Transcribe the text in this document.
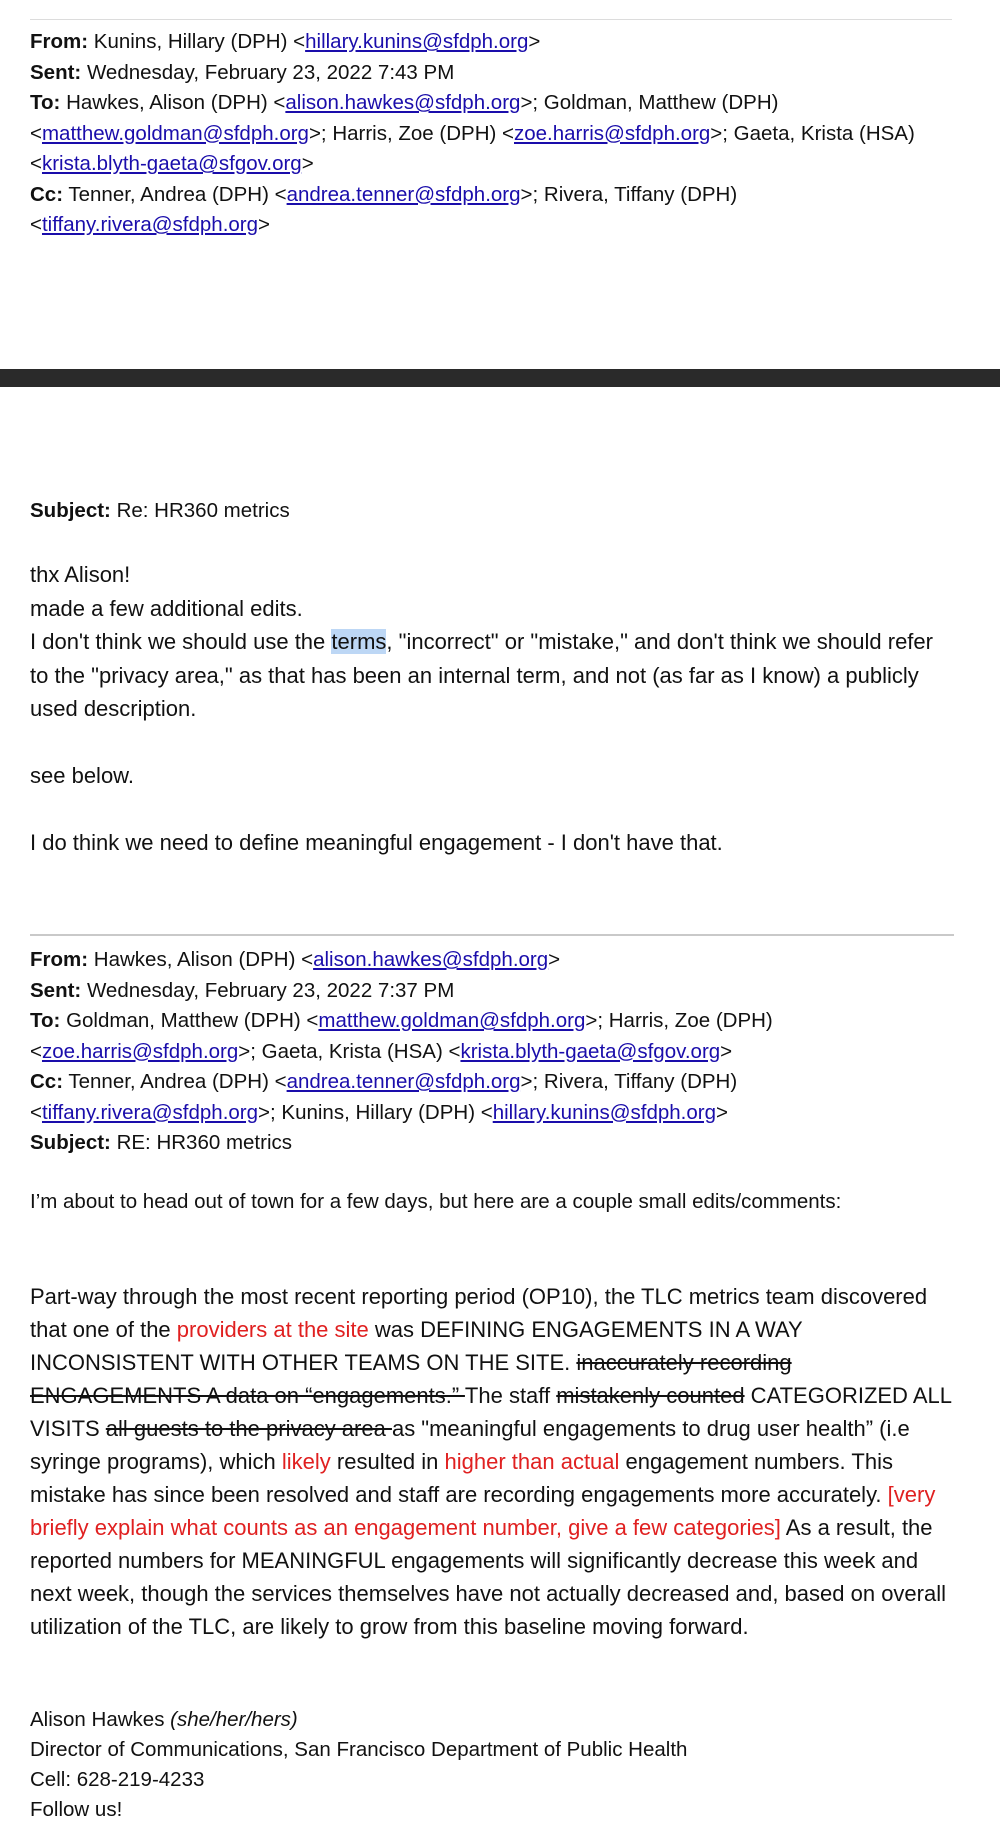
From: Kunins, Hillary (DPH) <hillary.kunins@sfdph.org>
Sent: Wednesday, February 23, 2022 7:43 PM
To: Hawkes, Alison (DPH) <alison.hawkes@sfdph.org>; Goldman, Matthew (DPH)
<matthew.goldman@sfdph.org>; Harris, Zoe (DPH) <zoe.harris@sfdph.org>; Gaeta, Krista (HSA)
<krista.blyth-gaeta@sfgov.org>
Cc: Tenner, Andrea (DPH) <andrea.tenner@sfdph.org>; Rivera, Tiffany (DPH)
<tiffany.rivera@sfdph.org>
Subject: Re: HR360 metrics
thx Alison!
made a few additional edits.
I don't think we should use the terms, "incorrect" or "mistake," and don't think we should refer to the "privacy area," as that has been an internal term, and not (as far as I know) a publicly used description.
see below.
I do think we need to define meaningful engagement - I don't have that.
From: Hawkes, Alison (DPH) <alison.hawkes@sfdph.org>
Sent: Wednesday, February 23, 2022 7:37 PM
To: Goldman, Matthew (DPH) <matthew.goldman@sfdph.org>; Harris, Zoe (DPH)
<zoe.harris@sfdph.org>; Gaeta, Krista (HSA) <krista.blyth-gaeta@sfgov.org>
Cc: Tenner, Andrea (DPH) <andrea.tenner@sfdph.org>; Rivera, Tiffany (DPH)
<tiffany.rivera@sfdph.org>; Kunins, Hillary (DPH) <hillary.kunins@sfdph.org>
Subject: RE: HR360 metrics
I’m about to head out of town for a few days, but here are a couple small edits/comments:
Part-way through the most recent reporting period (OP10), the TLC metrics team discovered that one of the providers at the site was DEFINING ENGAGEMENTS IN A WAY INCONSISTENT WITH OTHER TEAMS ON THE SITE. inaccurately recording ENGAGEMENTS A data on “engagements.” The staff mistakenly counted CATEGORIZED ALL VISITS all guests to the privacy area as "meaningful engagements to drug user health” (i.e syringe programs), which likely resulted in higher than actual engagement numbers. This mistake has since been resolved and staff are recording engagements more accurately. [very briefly explain what counts as an engagement number, give a few categories] As a result, the reported numbers for MEANINGFUL engagements will significantly decrease this week and next week, though the services themselves have not actually decreased and, based on overall utilization of the TLC, are likely to grow from this baseline moving forward.
Alison Hawkes (she/her/hers)
Director of Communications, San Francisco Department of Public Health
Cell: 628-219-4233
Follow us!
